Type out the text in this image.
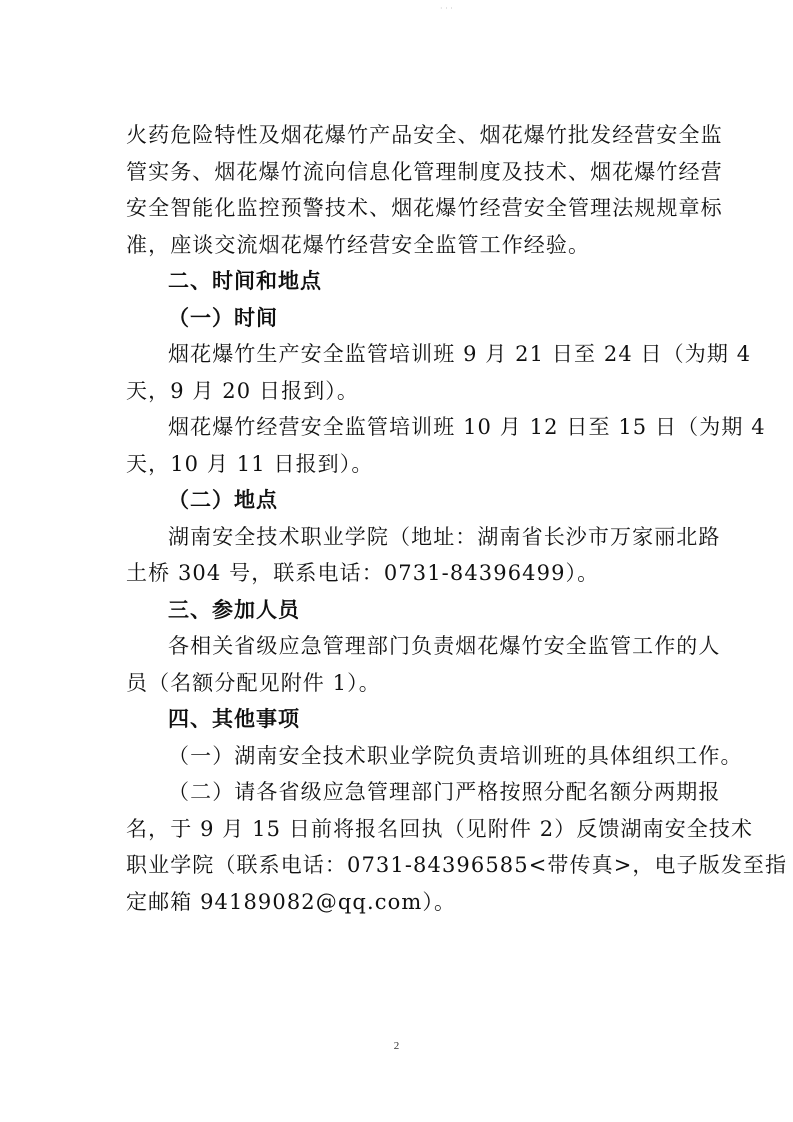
· · ·
火药危险特性及烟花爆竹产品安全、烟花爆竹批发经营安全监
管实务、烟花爆竹流向信息化管理制度及技术、烟花爆竹经营
安全智能化监控预警技术、烟花爆竹经营安全管理法规规章标
准，座谈交流烟花爆竹经营安全监管工作经验。
二、时间和地点
（一）时间
烟花爆竹生产安全监管培训班 9 月 21 日至 24 日（为期 4
天，9 月 20 日报到）。
烟花爆竹经营安全监管培训班 10 月 12 日至 15 日（为期 4
天，10 月 11 日报到）。
（二）地点
湖南安全技术职业学院（地址：湖南省长沙市万家丽北路
土桥 304 号，联系电话：0731-84396499）。
三、参加人员
各相关省级应急管理部门负责烟花爆竹安全监管工作的人
员（名额分配见附件 1）。
四、其他事项
（一）湖南安全技术职业学院负责培训班的具体组织工作。
（二）请各省级应急管理部门严格按照分配名额分两期报
名，于 9 月 15 日前将报名回执（见附件 2）反馈湖南安全技术
职业学院（联系电话：0731-84396585<带传真>，电子版发至指
定邮箱 94189082@qq.com）。
2
